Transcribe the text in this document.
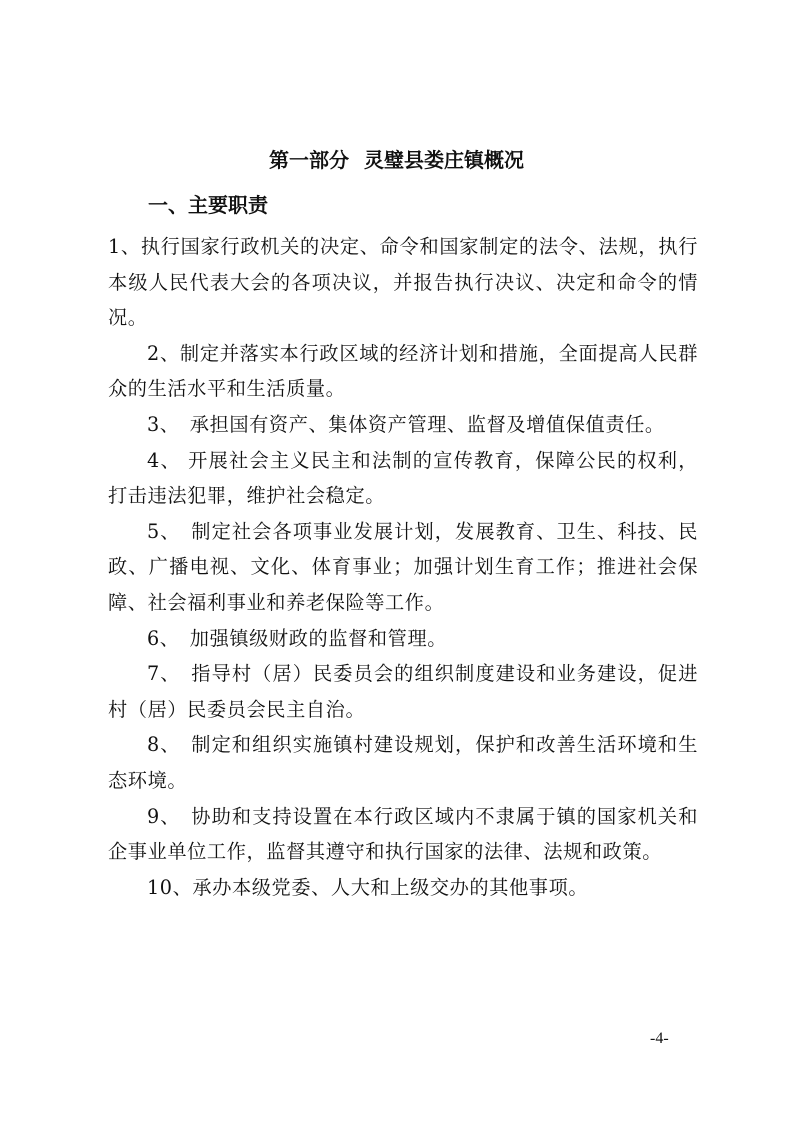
第一部分 灵璧县娄庄镇概况
一、主要职责

1、执行国家行政机关的决定、命令和国家制定的法令、法规，执行本级人民代表大会的各项决议，并报告执行决议、决定和命令的情况。

2、制定并落实本行政区域的经济计划和措施，全面提高人民群众的生活水平和生活质量。

3、　承担国有资产、集体资产管理、监督及增值保值责任。

4、 开展社会主义民主和法制的宣传教育，保障公民的权利，打击违法犯罪，维护社会稳定。

5、　制定社会各项事业发展计划，发展教育、卫生、科技、民政、广播电视、文化、体育事业；加强计划生育工作；推进社会保障、社会福利事业和养老保险等工作。

6、　加强镇级财政的监督和管理。

7、　指导村（居）民委员会的组织制度建设和业务建设，促进村（居）民委员会民主自治。

8、　制定和组织实施镇村建设规划，保护和改善生活环境和生态环境。

9、　协助和支持设置在本行政区域内不隶属于镇的国家机关和企事业单位工作，监督其遵守和执行国家的法律、法规和政策。

10、承办本级党委、人大和上级交办的其他事项。

-4-
